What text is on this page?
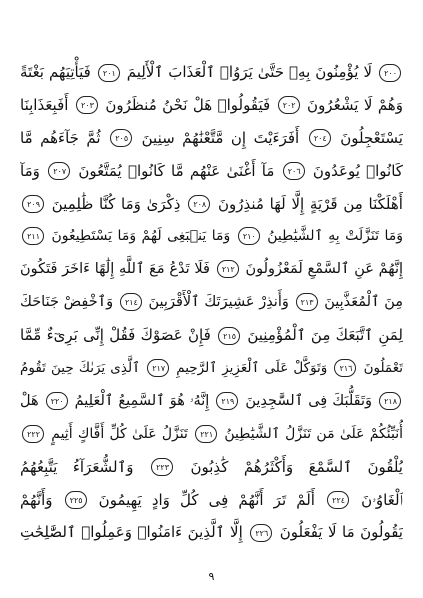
٢٠٠ لَا يُؤْمِنُونَ بِهِۦ حَتَّىٰ يَرَوُا۟ ٱلْعَذَابَ ٱلْأَلِيمَ ٢٠١ فَيَأْتِيَهُم بَغْتَةً
وَهُمْ لَا يَشْعُرُونَ ٢٠٢ فَيَقُولُوا۟ هَلْ نَحْنُ مُنظَرُونَ ٢٠٣ أَفَبِعَذَابِنَا
يَسْتَعْجِلُونَ ٢٠٤ أَفَرَءَيْتَ إِن مَّتَّعْنَٰهُمْ سِنِينَ ٢٠٥ ثُمَّ جَآءَهُم مَّا
كَانُوا۟ يُوعَدُونَ ٢٠٦ مَآ أَغْنَىٰ عَنْهُم مَّا كَانُوا۟ يُمَتَّعُونَ ٢٠٧ وَمَآ
أَهْلَكْنَا مِن قَرْيَةٍ إِلَّا لَهَا مُنذِرُونَ ٢٠٨ ذِكْرَىٰ وَمَا كُنَّا ظَٰلِمِينَ ٢٠٩
وَمَا تَنَزَّلَتْ بِهِ ٱلشَّيَٰطِينُ ٢١٠ وَمَا يَنۢبَغِى لَهُمْ وَمَا يَسْتَطِيعُونَ ٢١١
إِنَّهُمْ عَنِ ٱلسَّمْعِ لَمَعْزُولُونَ ٢١٢ فَلَا تَدْعُ مَعَ ٱللَّهِ إِلَٰهًا ءَاخَرَ فَتَكُونَ
مِنَ ٱلْمُعَذَّبِينَ ٢١٣ وَأَنذِرْ عَشِيرَتَكَ ٱلْأَقْرَبِينَ ٢١٤ وَٱخْفِضْ جَنَاحَكَ
لِمَنِ ٱتَّبَعَكَ مِنَ ٱلْمُؤْمِنِينَ ٢١٥ فَإِنْ عَصَوْكَ فَقُلْ إِنِّى بَرِىٓءٌ مِّمَّا
تَعْمَلُونَ ٢١٦ وَتَوَكَّلْ عَلَى ٱلْعَزِيزِ ٱلرَّحِيمِ ٢١٧ ٱلَّذِى يَرَىٰكَ حِينَ تَقُومُ
٢١٨ وَتَقَلُّبَكَ فِى ٱلسَّٰجِدِينَ ٢١٩ إِنَّهُۥ هُوَ ٱلسَّمِيعُ ٱلْعَلِيمُ ٢٢٠ هَلْ
أُنَبِّئُكُمْ عَلَىٰ مَن تَنَزَّلُ ٱلشَّيَٰطِينُ ٢٢١ تَنَزَّلُ عَلَىٰ كُلِّ أَفَّاكٍ أَثِيمٍ ٢٢٢
يُلْقُونَ ٱلسَّمْعَ وَأَكْثَرُهُمْ كَٰذِبُونَ ٢٢٣ وَٱلشُّعَرَآءُ يَتَّبِعُهُمُ
ٱلْغَاوُۥنَ ٢٢٤ أَلَمْ تَرَ أَنَّهُمْ فِى كُلِّ وَادٍ يَهِيمُونَ ٢٢٥ وَأَنَّهُمْ
يَقُولُونَ مَا لَا يَفْعَلُونَ ٢٢٦ إِلَّا ٱلَّذِينَ ءَامَنُوا۟ وَعَمِلُوا۟ ٱلصَّٰلِحَٰتِ
٩
